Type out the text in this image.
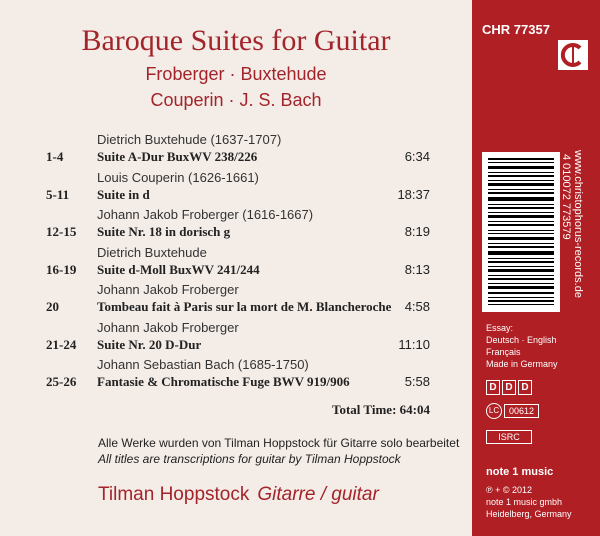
Baroque Suites for Guitar
Froberger · Buxtehude
Couperin · J. S. Bach
Dietrich Buxtehude (1637-1707)
1-4	Suite A-Dur BuxWV 238/226	6:34
Louis Couperin (1626-1661)
5-11 Suite in d	18:37
Johann Jakob Froberger (1616-1667)
12-15 Suite Nr. 18 in dorisch g	8:19
Dietrich Buxtehude
16-19 Suite d-Moll BuxWV 241/244	8:13
Johann Jakob Froberger
20	Tombeau fait à Paris sur la mort de M. Blancheroche 4:58
Johann Jakob Froberger
21-24 Suite Nr. 20 D-Dur	11:10
Johann Sebastian Bach (1685-1750)
25-26 Fantasie & Chromatische Fuge BWV 919/906	5:58
Total Time: 64:04
Alle Werke wurden von Tilman Hoppstock für Gitarre solo bearbeitet
All titles are transcriptions for guitar by Tilman Hoppstock
Tilman Hoppstock Gitarre / guitar
CHR 77357
4 010072 773579 www.christophorus-records.de
Essay:
Deutsch · English
Français
Made in Germany
D D D
LC	00612
ISRC
note 1 music
℗ + © 2012
note 1 music gmbh
Heidelberg, Germany
